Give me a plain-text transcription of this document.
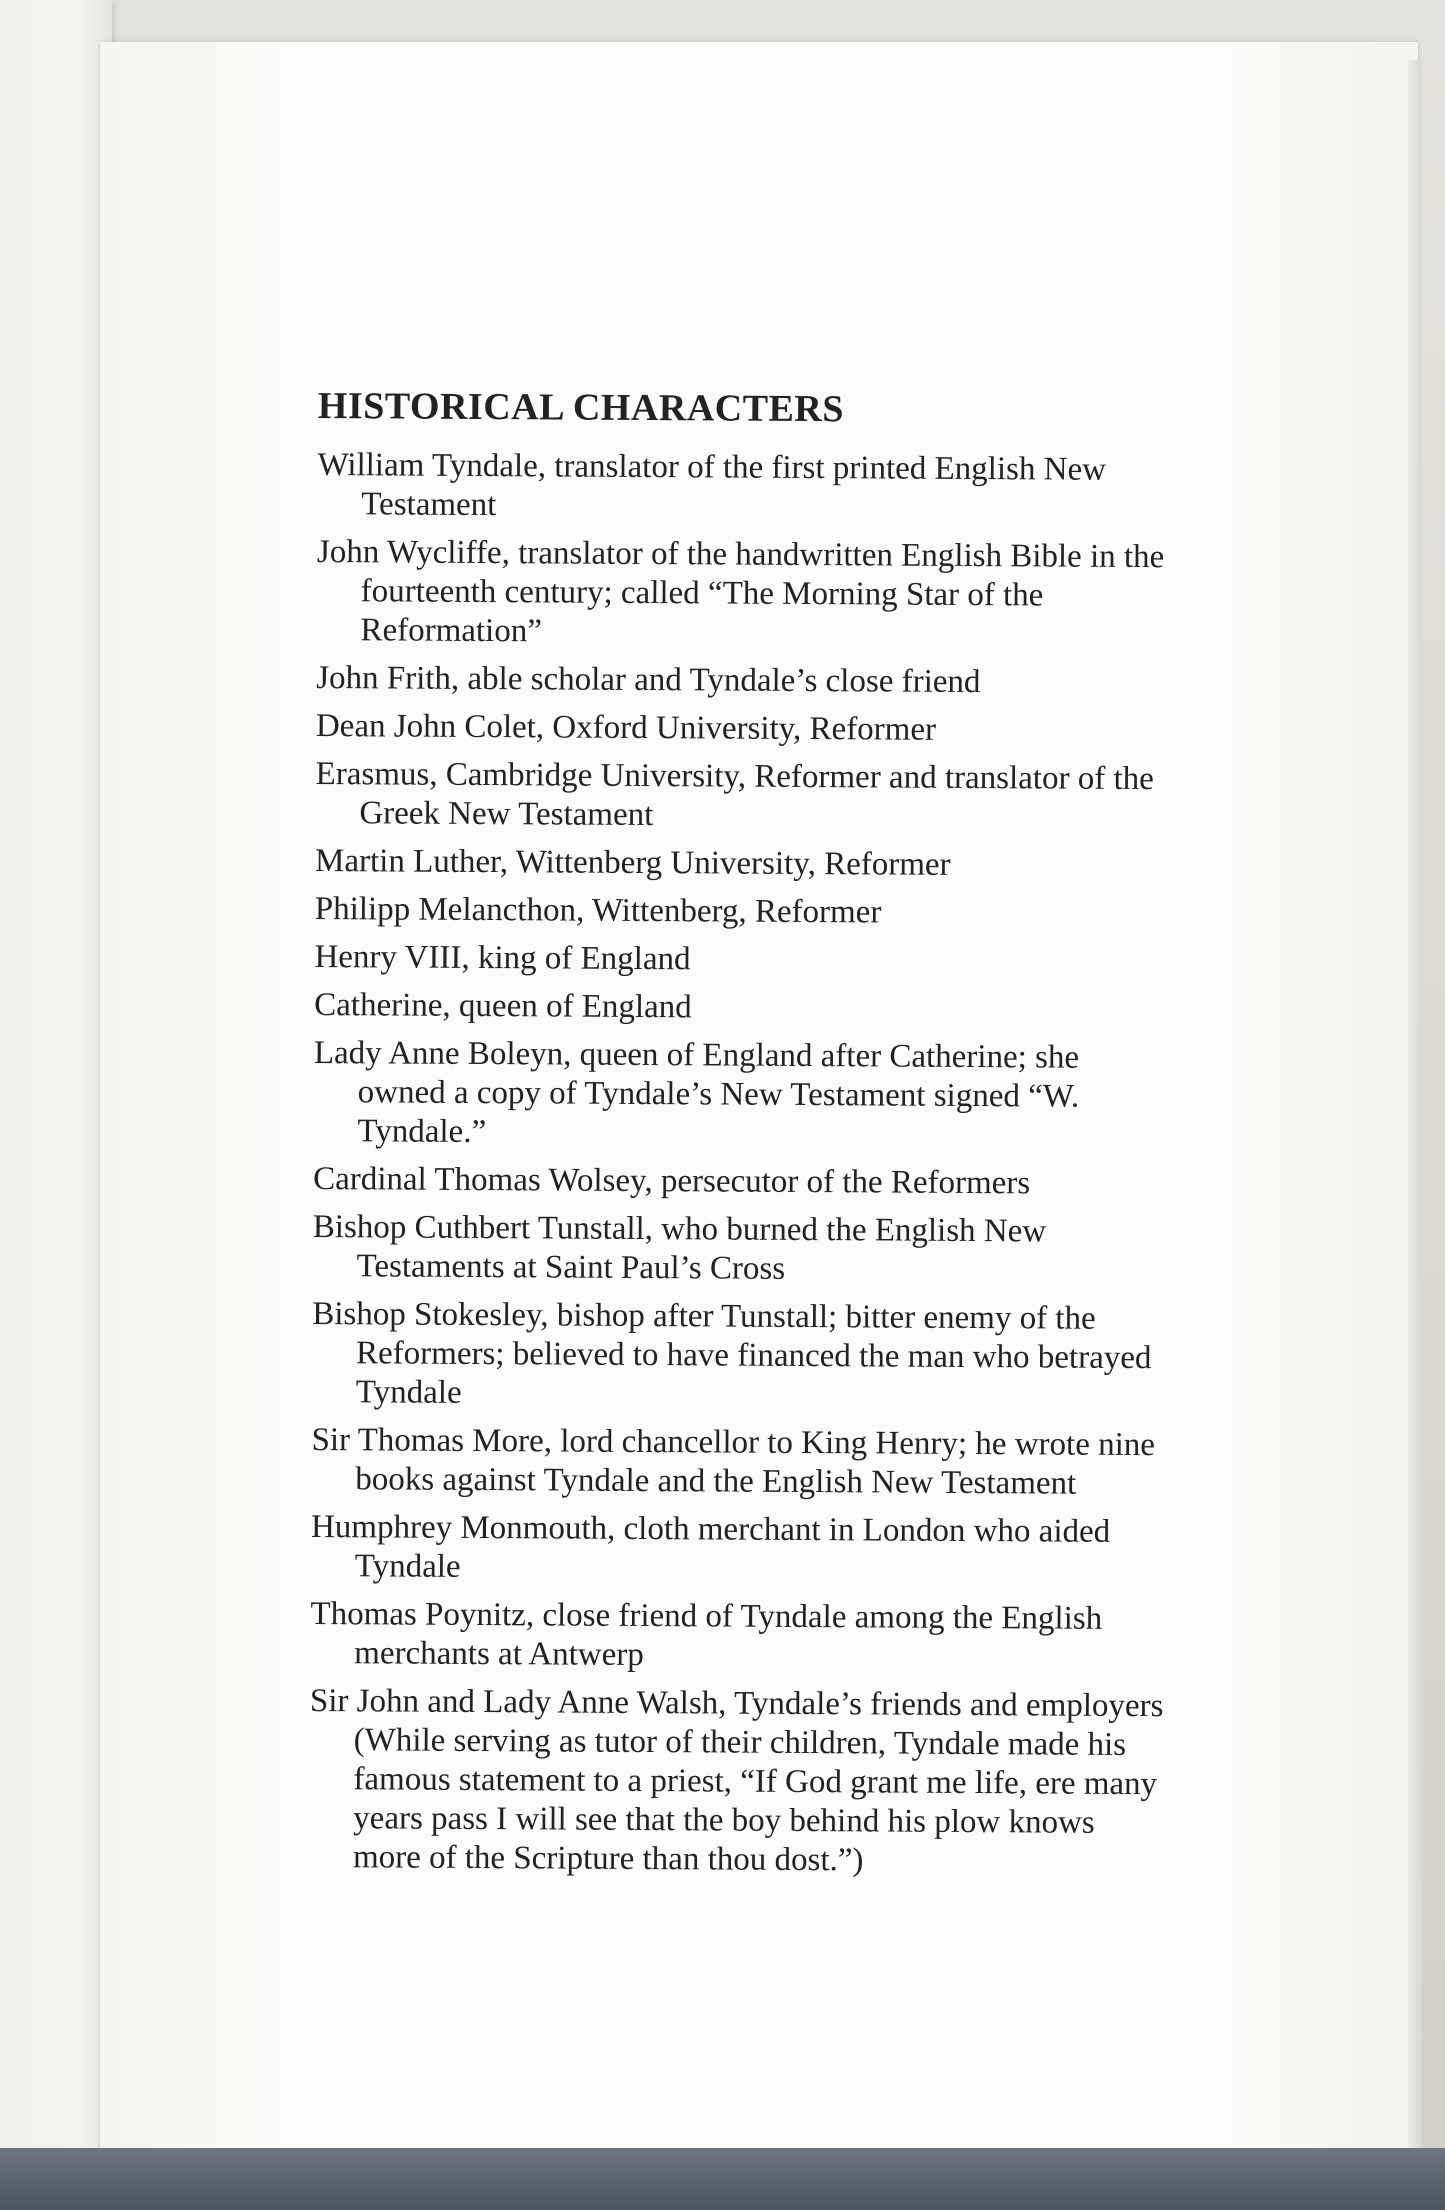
HISTORICAL CHARACTERS

William Tyndale, translator of the first printed English New Testament

John Wycliffe, translator of the handwritten English Bible in the fourteenth century; called “The Morning Star of the Reformation”

John Frith, able scholar and Tyndale’s close friend

Dean John Colet, Oxford University, Reformer

Erasmus, Cambridge University, Reformer and translator of the Greek New Testament

Martin Luther, Wittenberg University, Reformer

Philipp Melancthon, Wittenberg, Reformer

Henry VIII, king of England

Catherine, queen of England

Lady Anne Boleyn, queen of England after Catherine; she owned a copy of Tyndale’s New Testament signed “W. Tyndale.”

Cardinal Thomas Wolsey, persecutor of the Reformers

Bishop Cuthbert Tunstall, who burned the English New Testaments at Saint Paul’s Cross

Bishop Stokesley, bishop after Tunstall; bitter enemy of the Reformers; believed to have financed the man who betrayed Tyndale

Sir Thomas More, lord chancellor to King Henry; he wrote nine books against Tyndale and the English New Testament

Humphrey Monmouth, cloth merchant in London who aided Tyndale

Thomas Poynitz, close friend of Tyndale among the English merchants at Antwerp

Sir John and Lady Anne Walsh, Tyndale’s friends and employers (While serving as tutor of their children, Tyndale made his famous statement to a priest, “If God grant me life, ere many years pass I will see that the boy behind his plow knows more of the Scripture than thou dost.”)
